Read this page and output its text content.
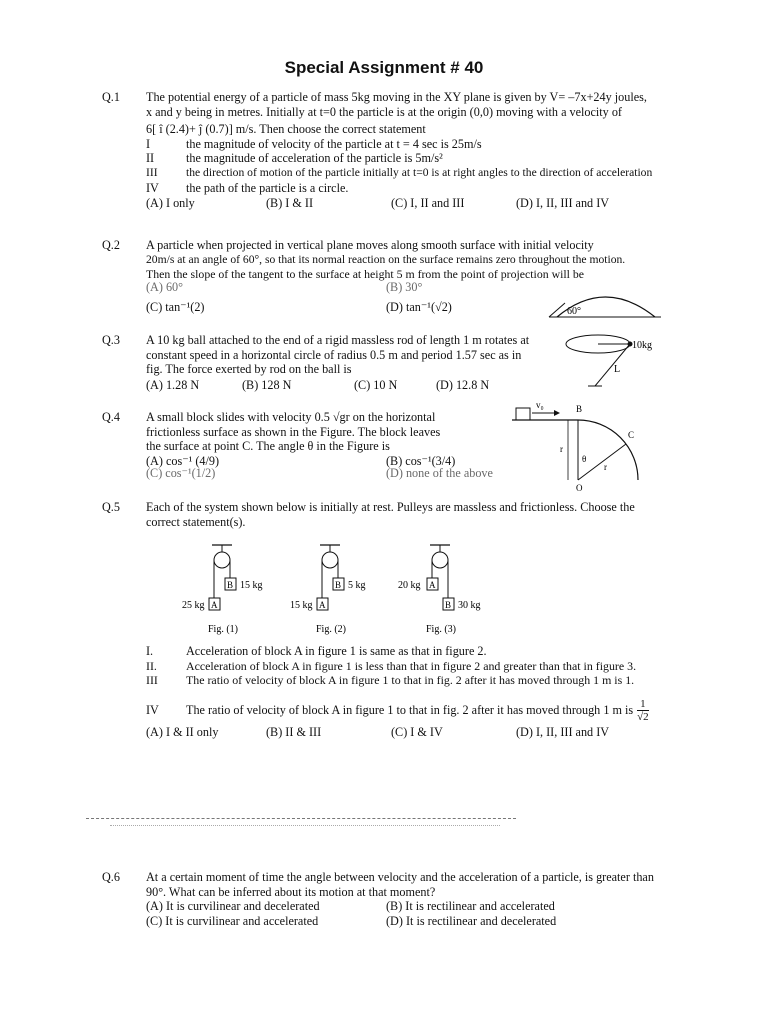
Special Assignment # 40
Q.1	The potential energy of a particle of mass 5kg moving in the XY plane is given by V= –7x+24y joules,
x and y being in metres. Initially at t=0 the particle is at the origin (0,0) moving with a velocity of
6[ î (2.4)+ ĵ (0.7)] m/s. Then choose the correct statement
I	the magnitude of velocity of the particle at t = 4 sec is 25m/s
II	the magnitude of acceleration of the particle is 5m/s²
III	the direction of motion of the particle initially at t=0 is at right angles to the direction of acceleration
IV	the path of the particle is a circle.
(A) I only	(B) I & II	(C) I, II and III	(D) I, II, III and IV
Q.2	A particle when projected in vertical plane moves along smooth surface with initial velocity
20m/s at an angle of 60°, so that its normal reaction on the surface remains zero throughout the motion.
Then the slope of the tangent to the surface at height 5 m from the point of projection will be
(A) 60°	(B) 30°
(C) tan⁻¹(2)	(D) tan⁻¹(√2)	60°
Q.3	A 10 kg ball attached to the end of a rigid massless rod of length 1 m rotates at
constant speed in a horizontal circle of radius 0.5 m and period 1.57 sec as in
fig. The force exerted by rod on the ball is
(A) 1.28 N	(B) 128 N	(C) 10 N	(D) 12.8 N
10kg
L
Q.4	A small block slides with velocity 0.5 √gr on the horizontal
frictionless surface as shown in the Figure. The block leaves
the surface at point C. The angle θ in the Figure is
(A) cos⁻¹ (4/9)	(B) cos⁻¹(3/4)
(C) cos⁻¹(1/2)	(D) none of the above
v₀	B
C
r
θ
r
O
Q.5	Each of the system shown below is initially at rest. Pulleys are massless and frictionless. Choose the
correct statement(s).
B 15 kg
A
25 kg
Fig. (1)
B 5 kg
A
15 kg
Fig. (2)
A
20 kg
B 30 kg
Fig. (3)
I.	Acceleration of block A in figure 1 is same as that in figure 2.
II.	Acceleration of block A in figure 1 is less than that in figure 2 and greater than that in figure 3.
III	The ratio of velocity of block A in figure 1 to that in fig. 2 after it has moved through 1 m is 1.
IV	The ratio of velocity of block A in figure 1 to that in fig. 2 after it has moved through 1 m is $\frac{1}{√2}$
(A) I & II only	(B) II & III	(C) I & IV	(D) I, II, III and IV
Q.6	At a certain moment of time the angle between velocity and the acceleration of a particle, is greater than
90°. What can be inferred about its motion at that moment?
(A) It is curvilinear and decelerated	(B) It is rectilinear and accelerated
(C) It is curvilinear and accelerated	(D) It is rectilinear and decelerated
